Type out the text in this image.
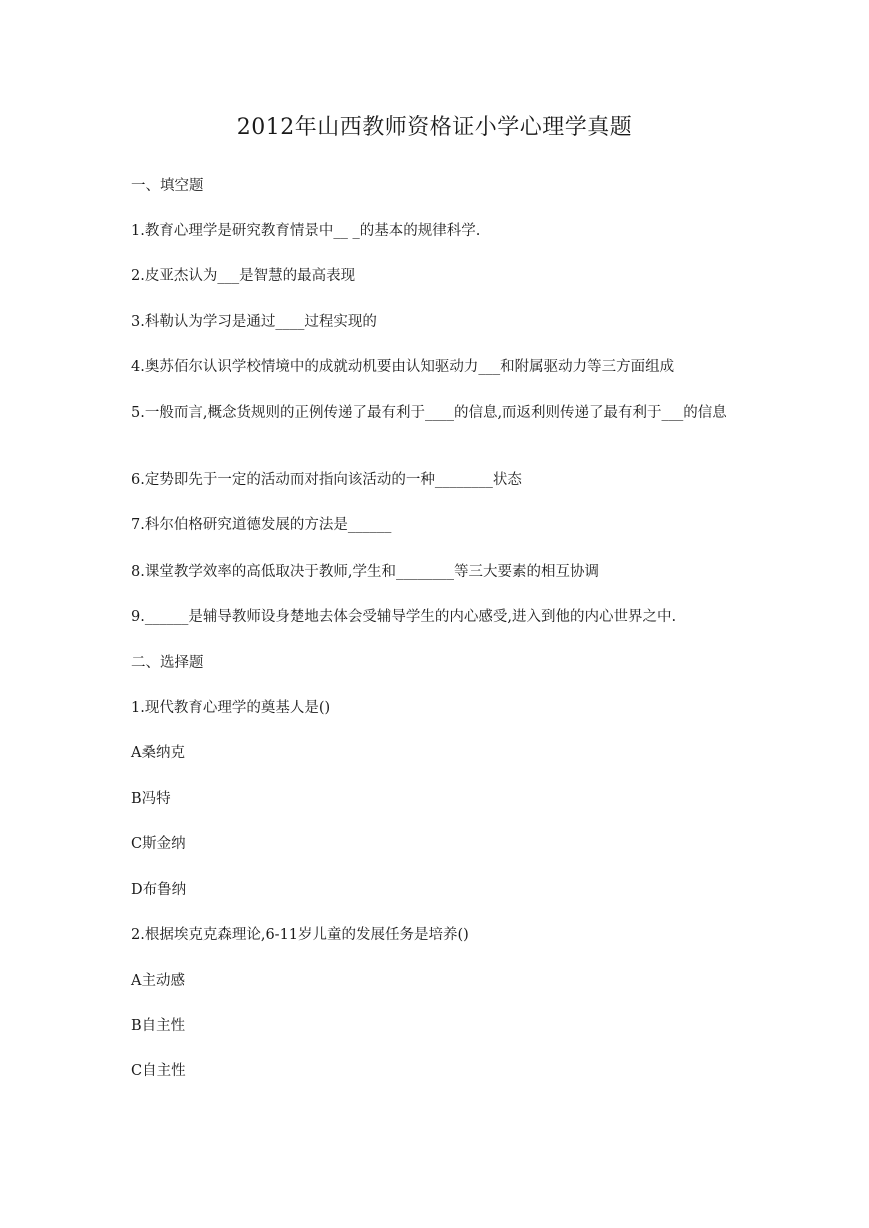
2012年山西教师资格证小学心理学真题
一、填空题
1.教育心理学是研究教育情景中__ _的基本的规律科学.
2.皮亚杰认为___是智慧的最高表现
3.科勒认为学习是通过____过程实现的
4.奥苏佰尔认识学校情境中的成就动机要由认知驱动力___和附属驱动力等三方面组成
5.一般而言,概念货规则的正例传递了最有利于____的信息,而返利则传递了最有利于___的信息
6.定势即先于一定的活动而对指向该活动的一种________状态
7.科尔伯格研究道德发展的方法是______
8.课堂教学效率的高低取决于教师,学生和________等三大要素的相互协调
9.______是辅导教师设身楚地去体会受辅导学生的内心感受,进入到他的内心世界之中.
二、选择题
1.现代教育心理学的奠基人是()
A桑纳克
B冯特
C斯金纳
D布鲁纳
2.根据埃克克森理论,6-11岁儿童的发展任务是培养()
A主动感
B自主性
C自主性
